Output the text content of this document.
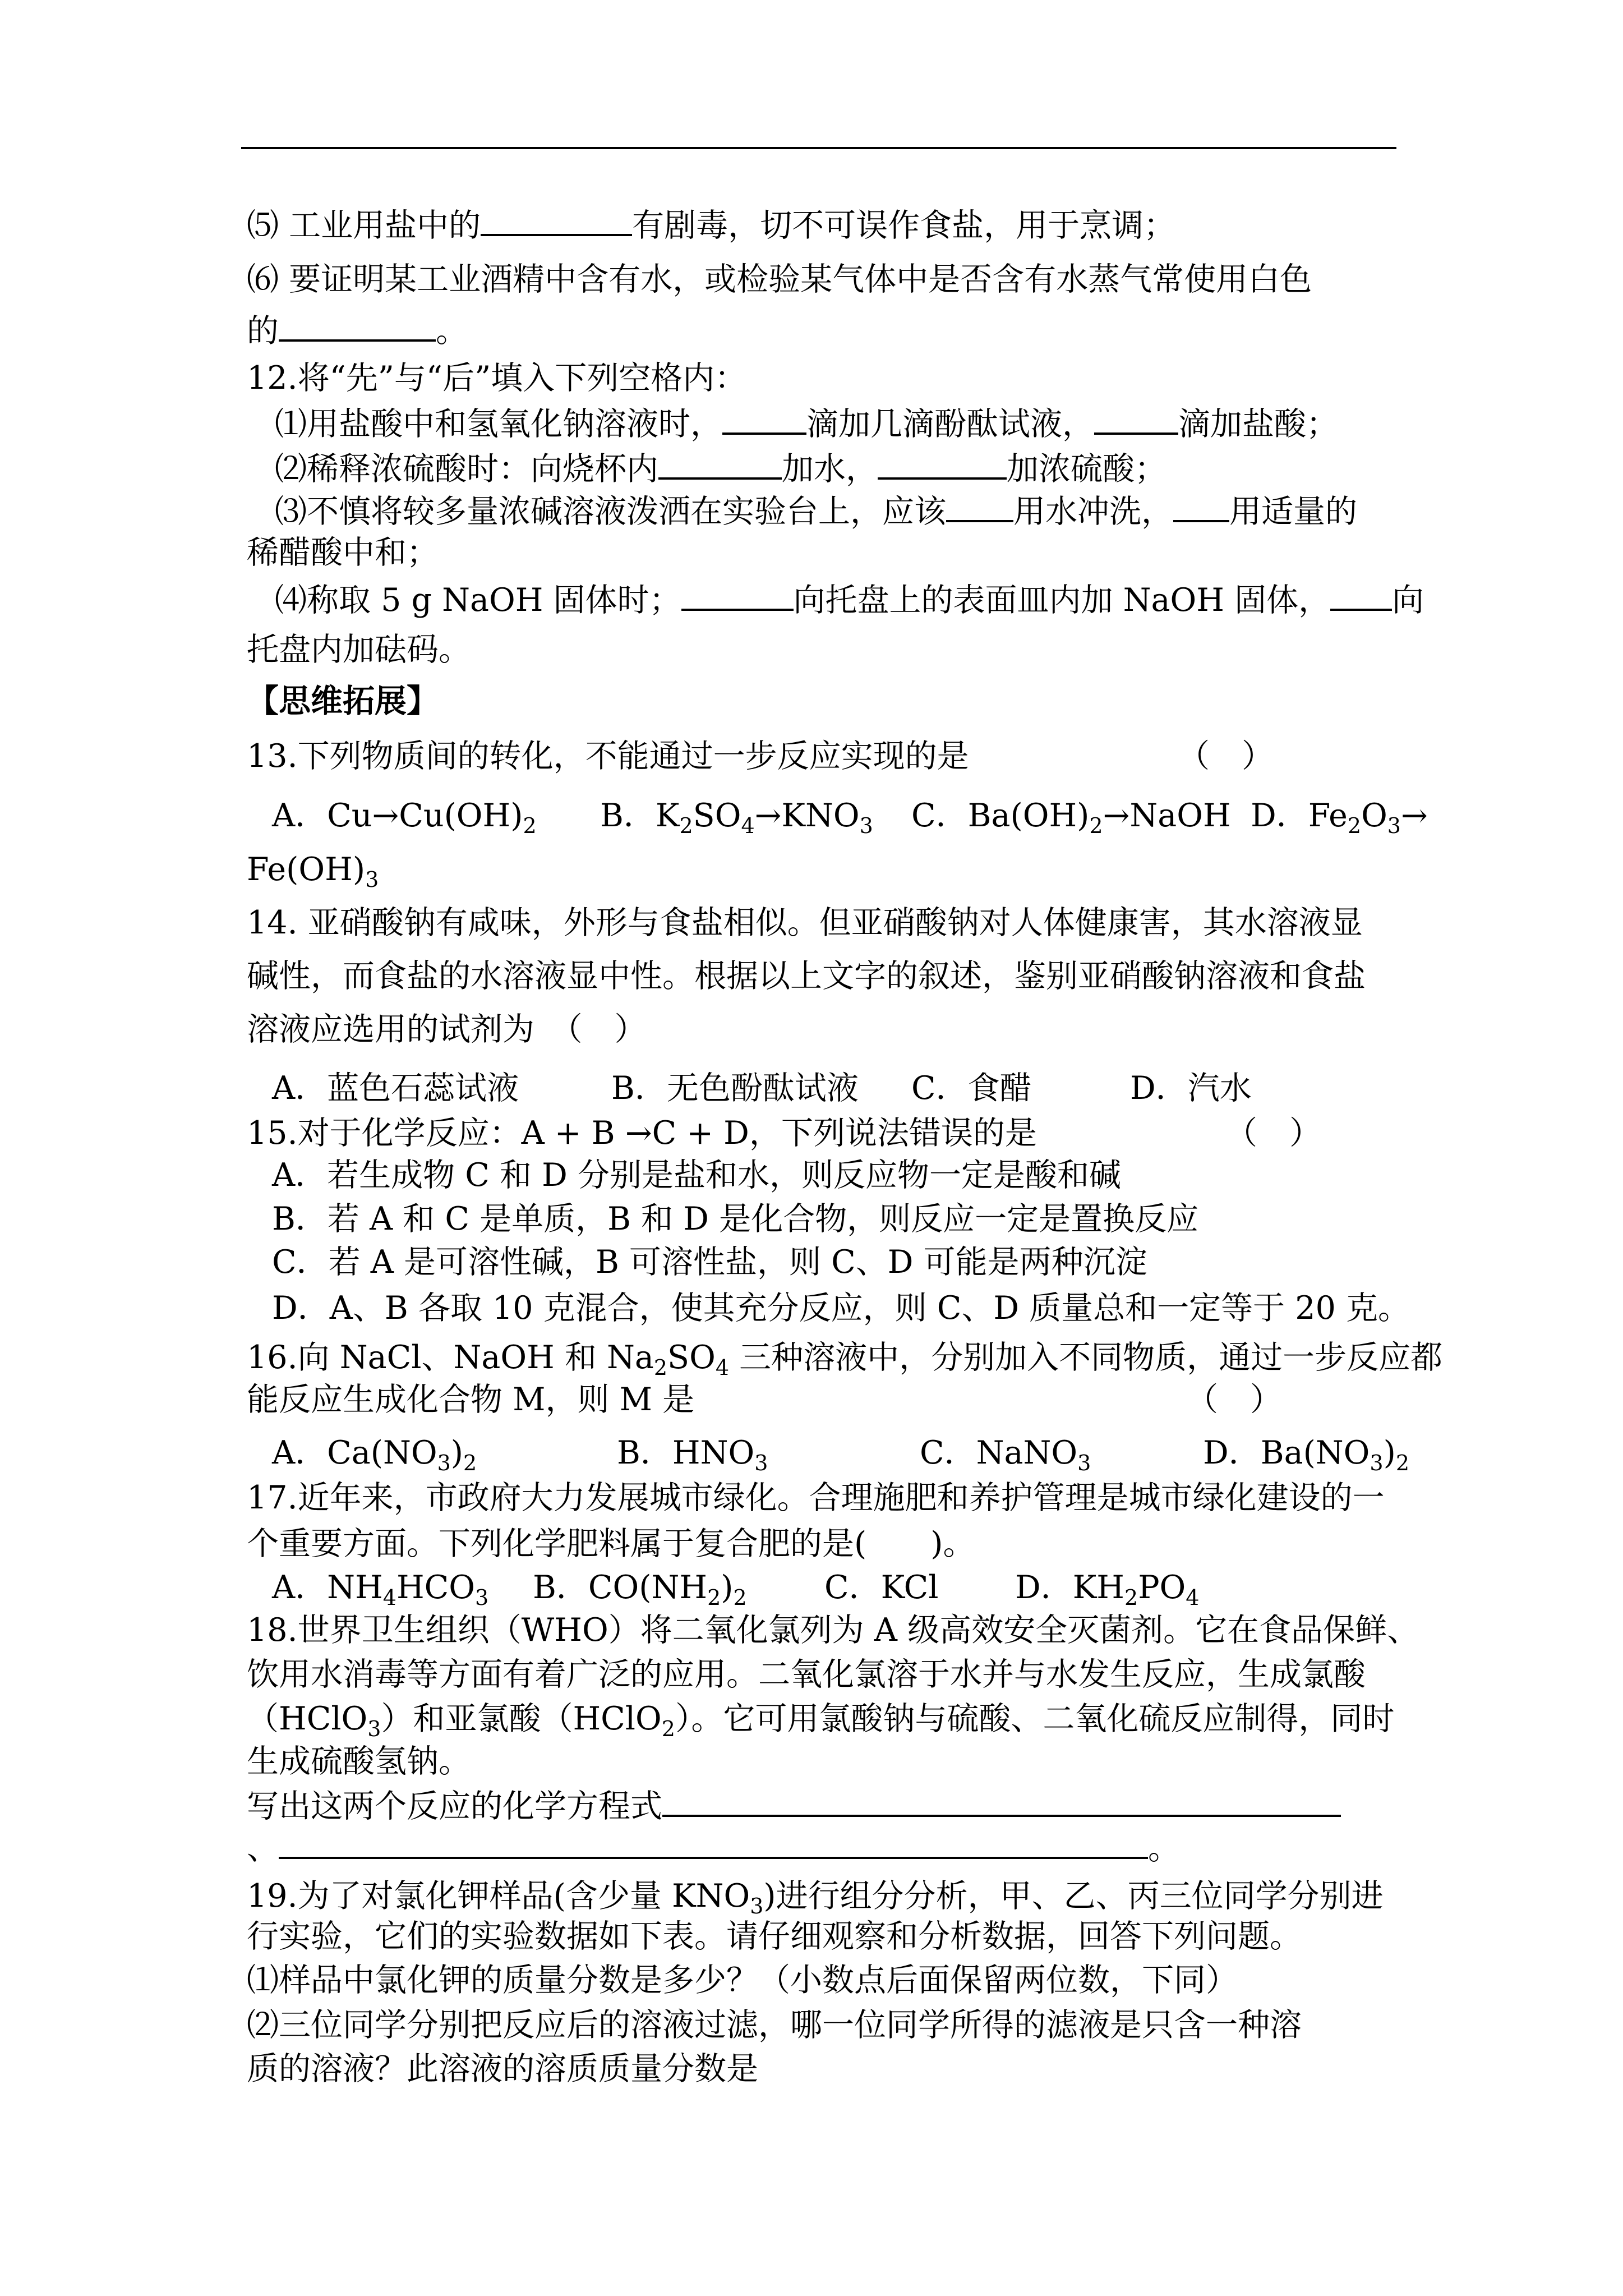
⑸ 工业用盐中的	有剧毒，切不可误作食盐，用于烹调；
⑹ 要证明某工业酒精中含有水，或检验某气体中是否含有水蒸气常使用白色
的	。
12.将“先”与“后”填入下列空格内：
⑴用盐酸中和氢氧化钠溶液时，	滴加几滴酚酞试液，	滴加盐酸；
⑵稀释浓硫酸时：向烧杯内	加水，	加浓硫酸；
⑶不慎将较多量浓碱溶液泼洒在实验台上，应该 用水冲洗， 用适量的
稀醋酸中和；
⑷称取 5 g NaOH 固体时；	向托盘上的表面皿内加 NaOH 固体， 向
托盘内加砝码。
【思维拓展】
13.下列物质间的转化，不能通过一步反应实现的是	（　）
A．$Cu\to Cu(OH)_2$ B．$K_2SO_4\to KNO_3$ C．$Ba(OH)_2\to NaOH$ D．$Fe_2O_3\to$
$Fe(OH)_3$
14. 亚硝酸钠有咸味，外形与食盐相似。但亚硝酸钠对人体健康害，其水溶液显
碱性，而食盐的水溶液显中性。根据以上文字的叙述，鉴别亚硝酸钠溶液和食盐
溶液应选用的试剂为　（　）
A．蓝色石蕊试液	B．无色酚酞试液 C．食醋	D．汽水
15.对于化学反应：A + B →C + D，下列说法错误的是	（　）
A．若生成物 C 和 D 分别是盐和水，则反应物一定是酸和碱
B．若 A 和 C 是单质，B 和 D 是化合物，则反应一定是置换反应
C．若 A 是可溶性碱，B 可溶性盐，则 C、D 可能是两种沉淀
D．A、B 各取 10 克混合，使其充分反应，则 C、D 质量总和一定等于 20 克。
16.向 NaCl、NaOH 和 $Na_2SO_4$ 三种溶液中，分别加入不同物质，通过一步反应都
能反应生成化合物 M，则 M 是	（　）
A．$Ca(NO_3)_2$	B．$HNO_3$	C．NaNO$_3$	D．$Ba(NO_3)_2$
17.近年来，市政府大力发展城市绿化。合理施肥和养护管理是城市绿化建设的一
个重要方面。下列化学肥料属于复合肥的是(　　)。
A．$NH_4HCO_3$ B．$CO(NH_2)_2$ C．KCl D．$KH_2PO_4$
18.世界卫生组织（WHO）将二氧化氯列为 A 级高效安全灭菌剂。它在食品保鲜、
饮用水消毒等方面有着广泛的应用。二氧化氯溶于水并与水发生反应，生成氯酸
（HClO$_3$）和亚氯酸（HClO$_2$）。它可用氯酸钠与硫酸、二氧化硫反应制得，同时
生成硫酸氢钠。
写出这两个反应的化学方程式
、	。
19.为了对氯化钾样品(含少量 $KNO_3$)进行组分分析，甲、乙、丙三位同学分别进
行实验，它们的实验数据如下表。请仔细观察和分析数据，回答下列问题。
⑴样品中氯化钾的质量分数是多少？（小数点后面保留两位数，下同）
⑵三位同学分别把反应后的溶液过滤，哪一位同学所得的滤液是只含一种溶
质的溶液？此溶液的溶质质量分数是
